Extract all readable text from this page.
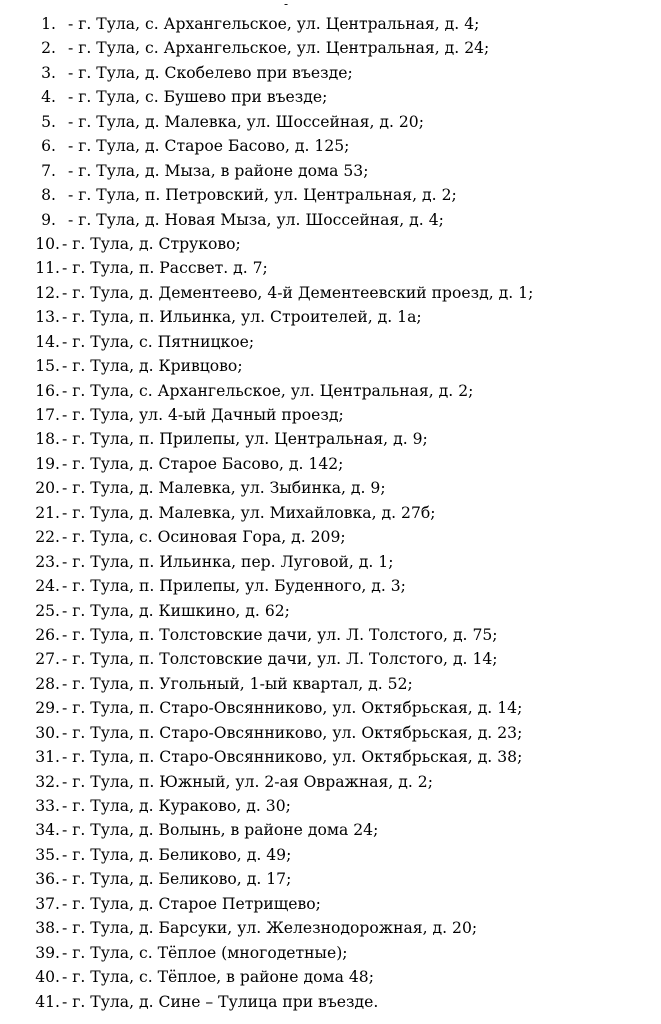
-
1. - г. Тула, с. Архангельское, ул. Центральная, д. 4;
2. - г. Тула, с. Архангельское, ул. Центральная, д. 24;
3. - г. Тула, д. Скобелево при въезде;
4. - г. Тула, с. Бушево при въезде;
5. - г. Тула, д. Малевка, ул. Шоссейная, д. 20;
6. - г. Тула, д. Старое Басово, д. 125;
7. - г. Тула, д. Мыза, в районе дома 53;
8. - г. Тула, п. Петровский, ул. Центральная, д. 2;
9. - г. Тула, д. Новая Мыза, ул. Шоссейная, д. 4;
10. - г. Тула, д. Струково;
11. - г. Тула, п. Рассвет. д. 7;
12. - г. Тула, д. Дементеево, 4-й Дементеевский проезд, д. 1;
13. - г. Тула, п. Ильинка, ул. Строителей, д. 1а;
14. - г. Тула, с. Пятницкое;
15. - г. Тула, д. Кривцово;
16. - г. Тула, с. Архангельское, ул. Центральная, д. 2;
17. - г. Тула, ул. 4-ый Дачный проезд;
18. - г. Тула, п. Прилепы, ул. Центральная, д. 9;
19. - г. Тула, д. Старое Басово, д. 142;
20. - г. Тула, д. Малевка, ул. Зыбинка, д. 9;
21. - г. Тула, д. Малевка, ул. Михайловка, д. 27б;
22. - г. Тула, с. Осиновая Гора, д. 209;
23. - г. Тула, п. Ильинка, пер. Луговой, д. 1;
24. - г. Тула, п. Прилепы, ул. Буденного, д. 3;
25. - г. Тула, д. Кишкино, д. 62;
26. - г. Тула, п. Толстовские дачи, ул. Л. Толстого, д. 75;
27. - г. Тула, п. Толстовские дачи, ул. Л. Толстого, д. 14;
28. - г. Тула, п. Угольный, 1-ый квартал, д. 52;
29. - г. Тула, п. Старо-Овсянниково, ул. Октябрьская, д. 14;
30. - г. Тула, п. Старо-Овсянниково, ул. Октябрьская, д. 23;
31. - г. Тула, п. Старо-Овсянниково, ул. Октябрьская, д. 38;
32. - г. Тула, п. Южный, ул. 2-ая Овражная, д. 2;
33. - г. Тула, д. Кураково, д. 30;
34. - г. Тула, д. Волынь, в районе дома 24;
35. - г. Тула, д. Беликово, д. 49;
36. - г. Тула, д. Беликово, д. 17;
37. - г. Тула, д. Старое Петрищево;
38. - г. Тула, д. Барсуки, ул. Железнодорожная, д. 20;
39. - г. Тула, с. Тёплое (многодетные);
40. - г. Тула, с. Тёплое, в районе дома 48;
41. - г. Тула, д. Сине – Тулица при въезде.
